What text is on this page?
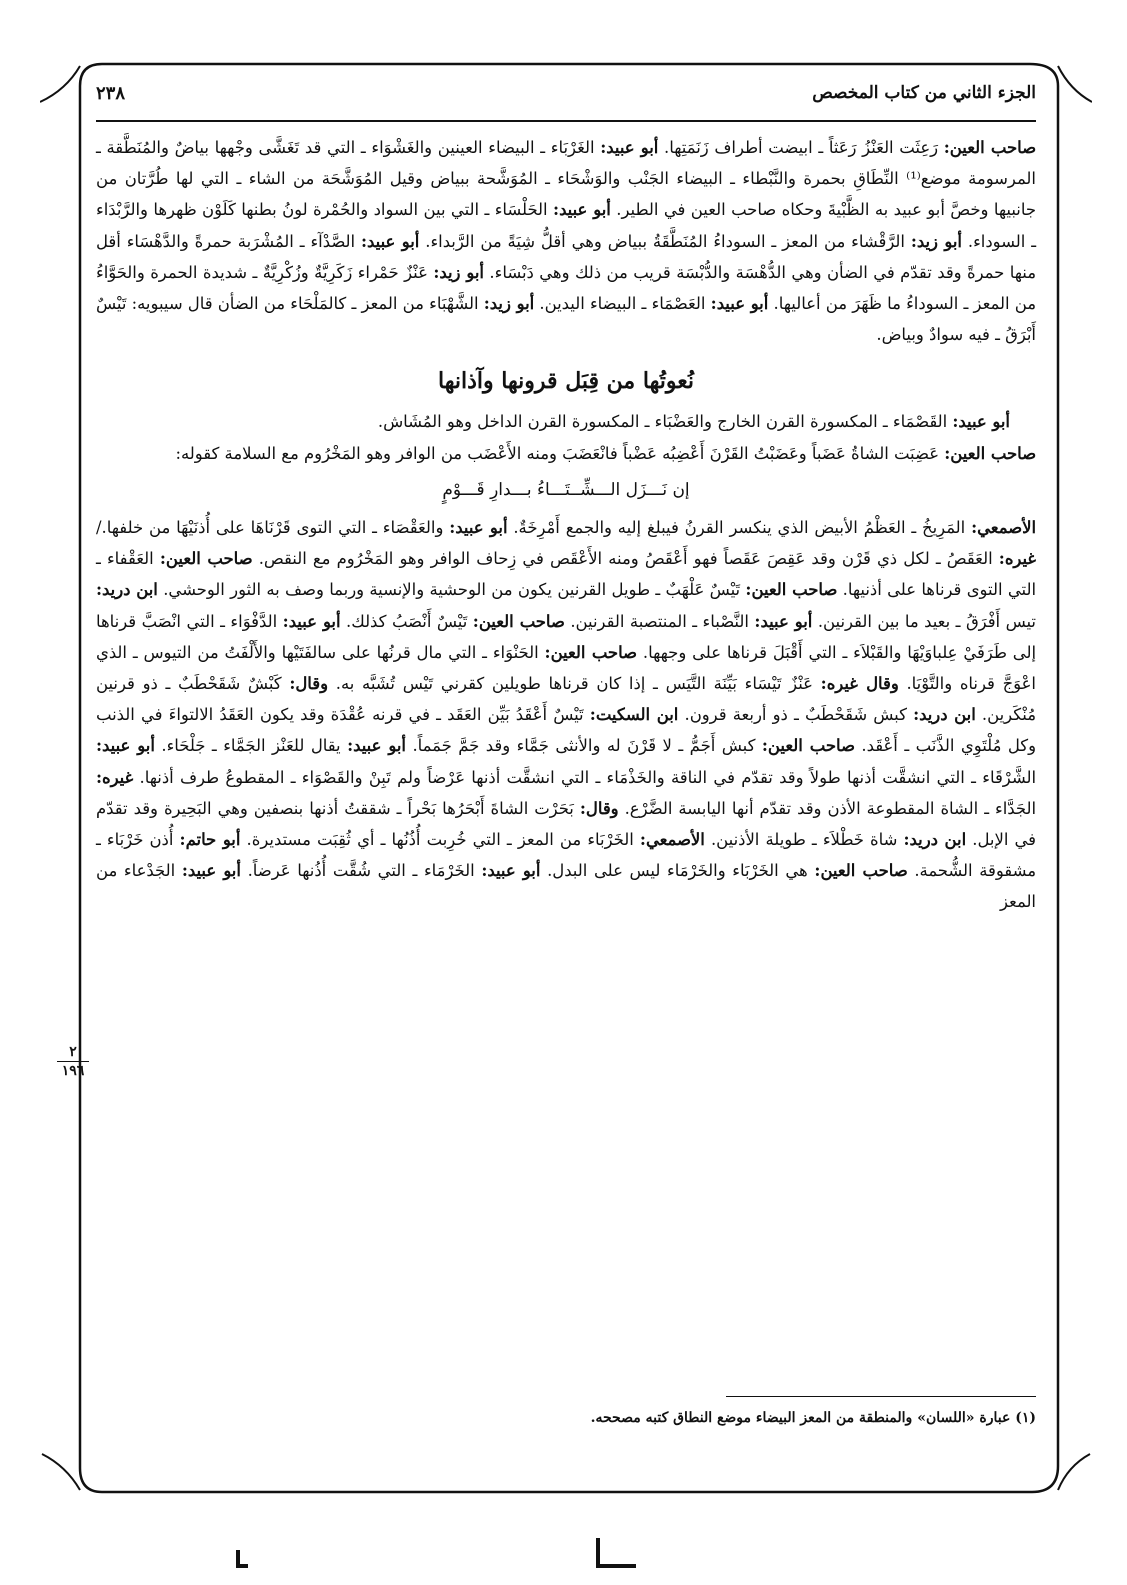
الجزء الثاني من كتاب المخصص
٢٣٨

صاحب العين: رَعِثَت العَنْزُ رَعَثاً ـ ابيضت أطراف زَنَمَتِها. أبو عبيد: الغَرْبَاء ـ البيضاء العينين والغَشْوَاء ـ التي قد تَغَشَّى وجْهها بياضٌ والمُنَطَّقة ـ المرسومة موضع⁽¹⁾ النِّطَاقِ بحمرة والنَّبْطاء ـ البيضاء الجَنْب والوَشْحَاء ـ المُوَشَّحة ببياض وقيل المُوَشَّحَة من الشاء ـ التي لها طُرَّتان من جانبيها وخصَّ أبو عبيد به الظَّبْيةَ وحكاه صاحب العين في الطير. أبو عبيد: الحَلْسَاء ـ التي بين السواد والحُمْرة لونُ بطنها كَلَوْن ظهرها والرَّبْدَاء ـ السوداء. أبو زيد: الرَّقْشاء من المعز ـ السوداءُ المُنَطَّقَةُ ببياض وهي أقلُّ شِيَةً من الرَّبداء. أبو عبيد: الصَّدْآء ـ المُشْرَبة حمرةً والدَّهْسَاء أقل منها حمرةً وقد تقدّم في الضأن وهي الدُّهْسَة والدُّبْسَة قريب من ذلك وهي دَبْسَاء. أبو زيد: عَنْزٌ حَمْراء زَكَرِيَّةٌ وزُكْرِيَّةٌ ـ شديدة الحمرة والحَوَّاءُ من المعز ـ السوداءُ ما ظَهَرَ من أعاليها. أبو عبيد: العَصْمَاء ـ البيضاء اليدين. أبو زيد: الشَّهْبَاء من المعز ـ كالمَلْحَاء من الضأن قال سيبويه: تَيْسٌ أَبْرَقُ ـ فيه سوادٌ وبياض.

نُعوتُها من قِبَل قرونها وآذانها

أبو عبيد: القَصْمَاء ـ المكسورة القرن الخارج والعَضْبَاء ـ المكسورة القرن الداخل وهو المُشَاش.

صاحب العين: عَضِبَت الشاةُ عَضَباً وعَضَبْتُ القَرْنَ أَعْضِبُه عَضْباً فانْعَضَبَ ومنه الأَعْضَب من الوافر وهو المَخْرُوم مع السلامة كقوله:

إن نَـــزَل الـــشِّــتَـــاءُ بـــدارِ قَـــوْمٍ

الأصمعي: المَرِيخُ ـ العَظْمُ الأبيض الذي ينكسر القرنُ فيبلغ إليه والجمع أَمْرِخَةٌ. أبو عبيد: والعَقْصَاء ـ التي التوى قَرْنَاهَا على أُذنَيْهَا من خلفها./ غيره: العَقَصُ ـ لكل ذي قَرْن وقد عَقِصَ عَقَصاً فهو أَعْقَصُ ومنه الأَعْقَص في زِحاف الوافر وهو المَخْرُوم مع النقص. صاحب العين: العَقْفاء ـ التي التوى قرناها على أذنيها. صاحب العين: تَيْسٌ عَلْهَبٌ ـ طويل القرنين يكون من الوحشية والإنسية وربما وصف به الثور الوحشي. ابن دريد: تيس أَفْرَقُ ـ بعيد ما بين القرنين. أبو عبيد: النَّصْباء ـ المنتصبة القرنين. صاحب العين: تَيْسٌ أَنْصَبُ كذلك. أبو عبيد: الدَّفْوَاء ـ التي انْصَبَّ قرناها إلى طَرَفَيْ عِلباوَيْهَا والقَبْلاَء ـ التي أَقْبَلَ قرناها على وجهها. صاحب العين: الحَنْوَاء ـ التي مال قرنُها على سالفَتَيْها والأَلْفَتُ من التيوس ـ الذي اعْوَجَّ قرناه والتَّوْيَا. وقال غيره: عَنْزٌ تَيْسَاء بَيِّنَة التَّيَس ـ إذا كان قرناها طويلين كقرني تَيْس تُشَبَّه به. وقال: كَبْشٌ شَقَحْطَبٌ ـ ذو قرنين مُنْكَرين. ابن دريد: كبش شَقَحْطَبٌ ـ ذو أربعة قرون. ابن السكيت: تَيْسٌ أَعْقَدُ بَيِّن العَقَد ـ في قرنه عُقْدَة وقد يكون العَقَدُ الالتواءَ في الذنب وكل مُلْتَوِي الذَّنَب ـ أَعْقَد. صاحب العين: كبش أَجَمُّ ـ لا قَرْنَ له والأنثى جَمَّاء وقد جَمَّ جَمَماً. أبو عبيد: يقال للعَنْز الجَمَّاء ـ جَلْحَاء. أبو عبيد: الشَّرْقَاء ـ التي انشقَّت أذنها طولاً وقد تقدّم في الناقة والخَذْمَاء ـ التي انشقَّت أذنها عَرْضاً ولم تَبِنْ والقَصْوَاء ـ المقطوعُ طرف أذنها. غيره: الجَدَّاء ـ الشاة المقطوعة الأذن وقد تقدّم أنها اليابسة الضَّرْع. وقال: بَحَرْت الشاةَ أَبْحَرُها بَحْراً ـ شققتُ أذنها بنصفين وهي البَحِيرة وقد تقدّم في الإبل. ابن دريد: شاة خَطْلاَء ـ طويلة الأذنين. الأصمعي: الخَرْبَاء من المعز ـ التي خُرِبت أُذُنُها ـ أي ثُقِبَت مستديرة. أبو حاتم: أُذن خَرْبَاء ـ مشقوقة الشُّحمة. صاحب العين: هي الخَرْبَاء والخَرْمَاء ليس على البدل. أبو عبيد: الخَرْمَاء ـ التي شُقَّت أُذُنها عَرضاً. أبو عبيد: الجَدْعاء من المعز

٢
١٩٦
(١) عبارة «اللسان» والمنطقة من المعز البيضاء موضع النطاق كتبه مصححه.
